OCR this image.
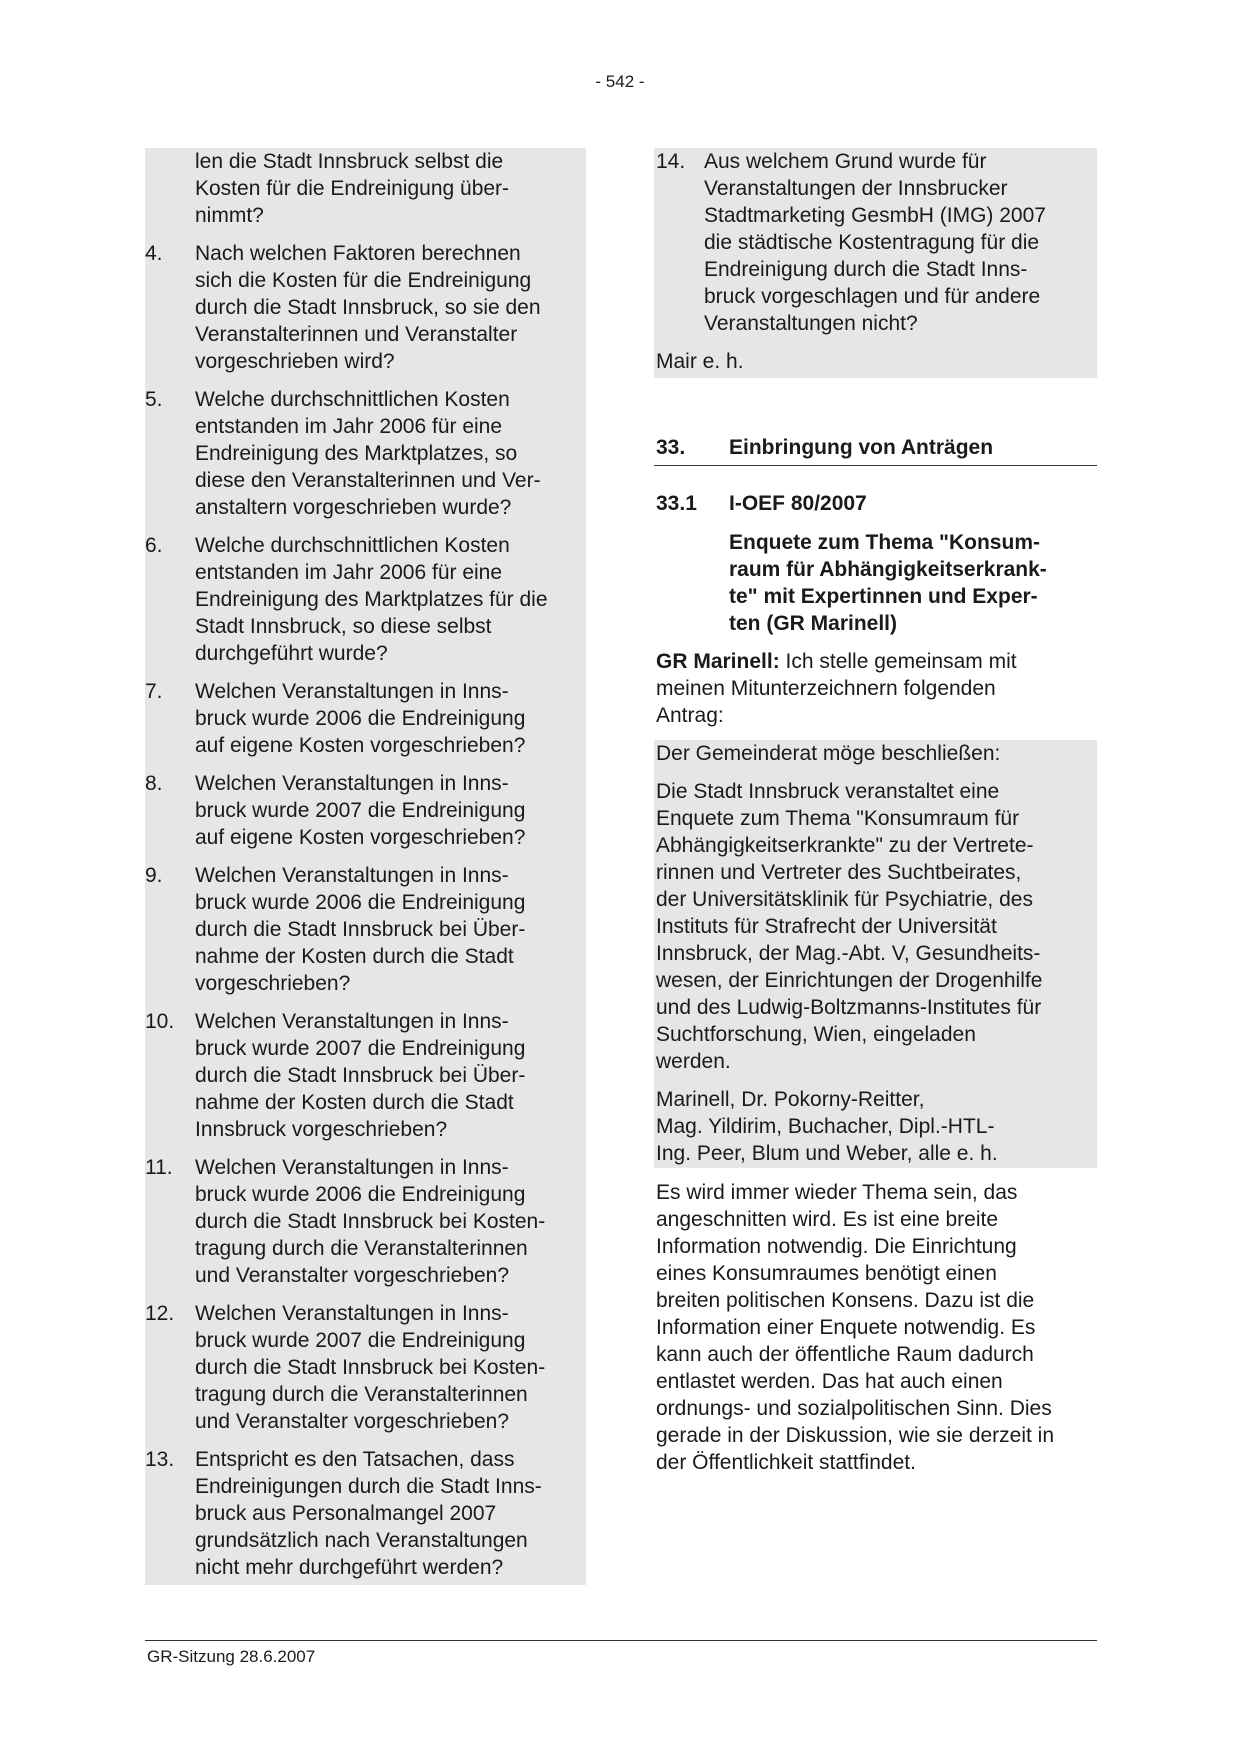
- 542 -
len die Stadt Innsbruck selbst die
Kosten für die Endreinigung über-
nimmt?
4.	Nach welchen Faktoren berechnen
sich die Kosten für die Endreinigung
durch die Stadt Innsbruck, so sie den
Veranstalterinnen und Veranstalter
vorgeschrieben wird?
5.	Welche durchschnittlichen Kosten
entstanden im Jahr 2006 für eine
Endreinigung des Marktplatzes, so
diese den Veranstalterinnen und Ver-
anstaltern vorgeschrieben wurde?
6.	Welche durchschnittlichen Kosten
entstanden im Jahr 2006 für eine
Endreinigung des Marktplatzes für die
Stadt Innsbruck, so diese selbst
durchgeführt wurde?
7.	Welchen Veranstaltungen in Inns-
bruck wurde 2006 die Endreinigung
auf eigene Kosten vorgeschrieben?
8.	Welchen Veranstaltungen in Inns-
bruck wurde 2007 die Endreinigung
auf eigene Kosten vorgeschrieben?
9.	Welchen Veranstaltungen in Inns-
bruck wurde 2006 die Endreinigung
durch die Stadt Innsbruck bei Über-
nahme der Kosten durch die Stadt
vorgeschrieben?
10. Welchen Veranstaltungen in Inns-
bruck wurde 2007 die Endreinigung
durch die Stadt Innsbruck bei Über-
nahme der Kosten durch die Stadt
Innsbruck vorgeschrieben?
11.	Welchen Veranstaltungen in Inns-
bruck wurde 2006 die Endreinigung
durch die Stadt Innsbruck bei Kosten-
tragung durch die Veranstalterinnen
und Veranstalter vorgeschrieben?
12. Welchen Veranstaltungen in Inns-
bruck wurde 2007 die Endreinigung
durch die Stadt Innsbruck bei Kosten-
tragung durch die Veranstalterinnen
und Veranstalter vorgeschrieben?
13. Entspricht es den Tatsachen, dass
Endreinigungen durch die Stadt Inns-
bruck aus Personalmangel 2007
grundsätzlich nach Veranstaltungen
nicht mehr durchgeführt werden?
14. Aus welchem Grund wurde für
Veranstaltungen der Innsbrucker
Stadtmarketing GesmbH (IMG) 2007
die städtische Kostentragung für die
Endreinigung durch die Stadt Inns-
bruck vorgeschlagen und für andere
Veranstaltungen nicht?
Mair e. h.
33.	Einbringung von Anträgen
33.1	I-OEF 80/2007
Enquete zum Thema "Konsum-
raum für Abhängigkeitserkrank-
te" mit Expertinnen und Exper-
ten (GR Marinell)
GR Marinell: Ich stelle gemeinsam mit
meinen Mitunterzeichnern folgenden
Antrag:

Der Gemeinderat möge beschließen:

Die Stadt Innsbruck veranstaltet eine
Enquete zum Thema "Konsumraum für
Abhängigkeitserkrankte" zu der Vertrete-
rinnen und Vertreter des Suchtbeirates,
der Universitätsklinik für Psychiatrie, des
Instituts für Strafrecht der Universität
Innsbruck, der Mag.-Abt. V, Gesundheits-
wesen, der Einrichtungen der Drogenhilfe
und des Ludwig-Boltzmanns-Institutes für
Suchtforschung, Wien, eingeladen
werden.

Marinell, Dr. Pokorny-Reitter,
Mag. Yildirim, Buchacher, Dipl.-HTL-
Ing. Peer, Blum und Weber, alle e. h.

Es wird immer wieder Thema sein, das
angeschnitten wird. Es ist eine breite
Information notwendig. Die Einrichtung
eines Konsumraumes benötigt einen
breiten politischen Konsens. Dazu ist die
Information einer Enquete notwendig. Es
kann auch der öffentliche Raum dadurch
entlastet werden. Das hat auch einen
ordnungs- und sozialpolitischen Sinn. Dies
gerade in der Diskussion, wie sie derzeit in
der Öffentlichkeit stattfindet.
GR-Sitzung 28.6.2007
